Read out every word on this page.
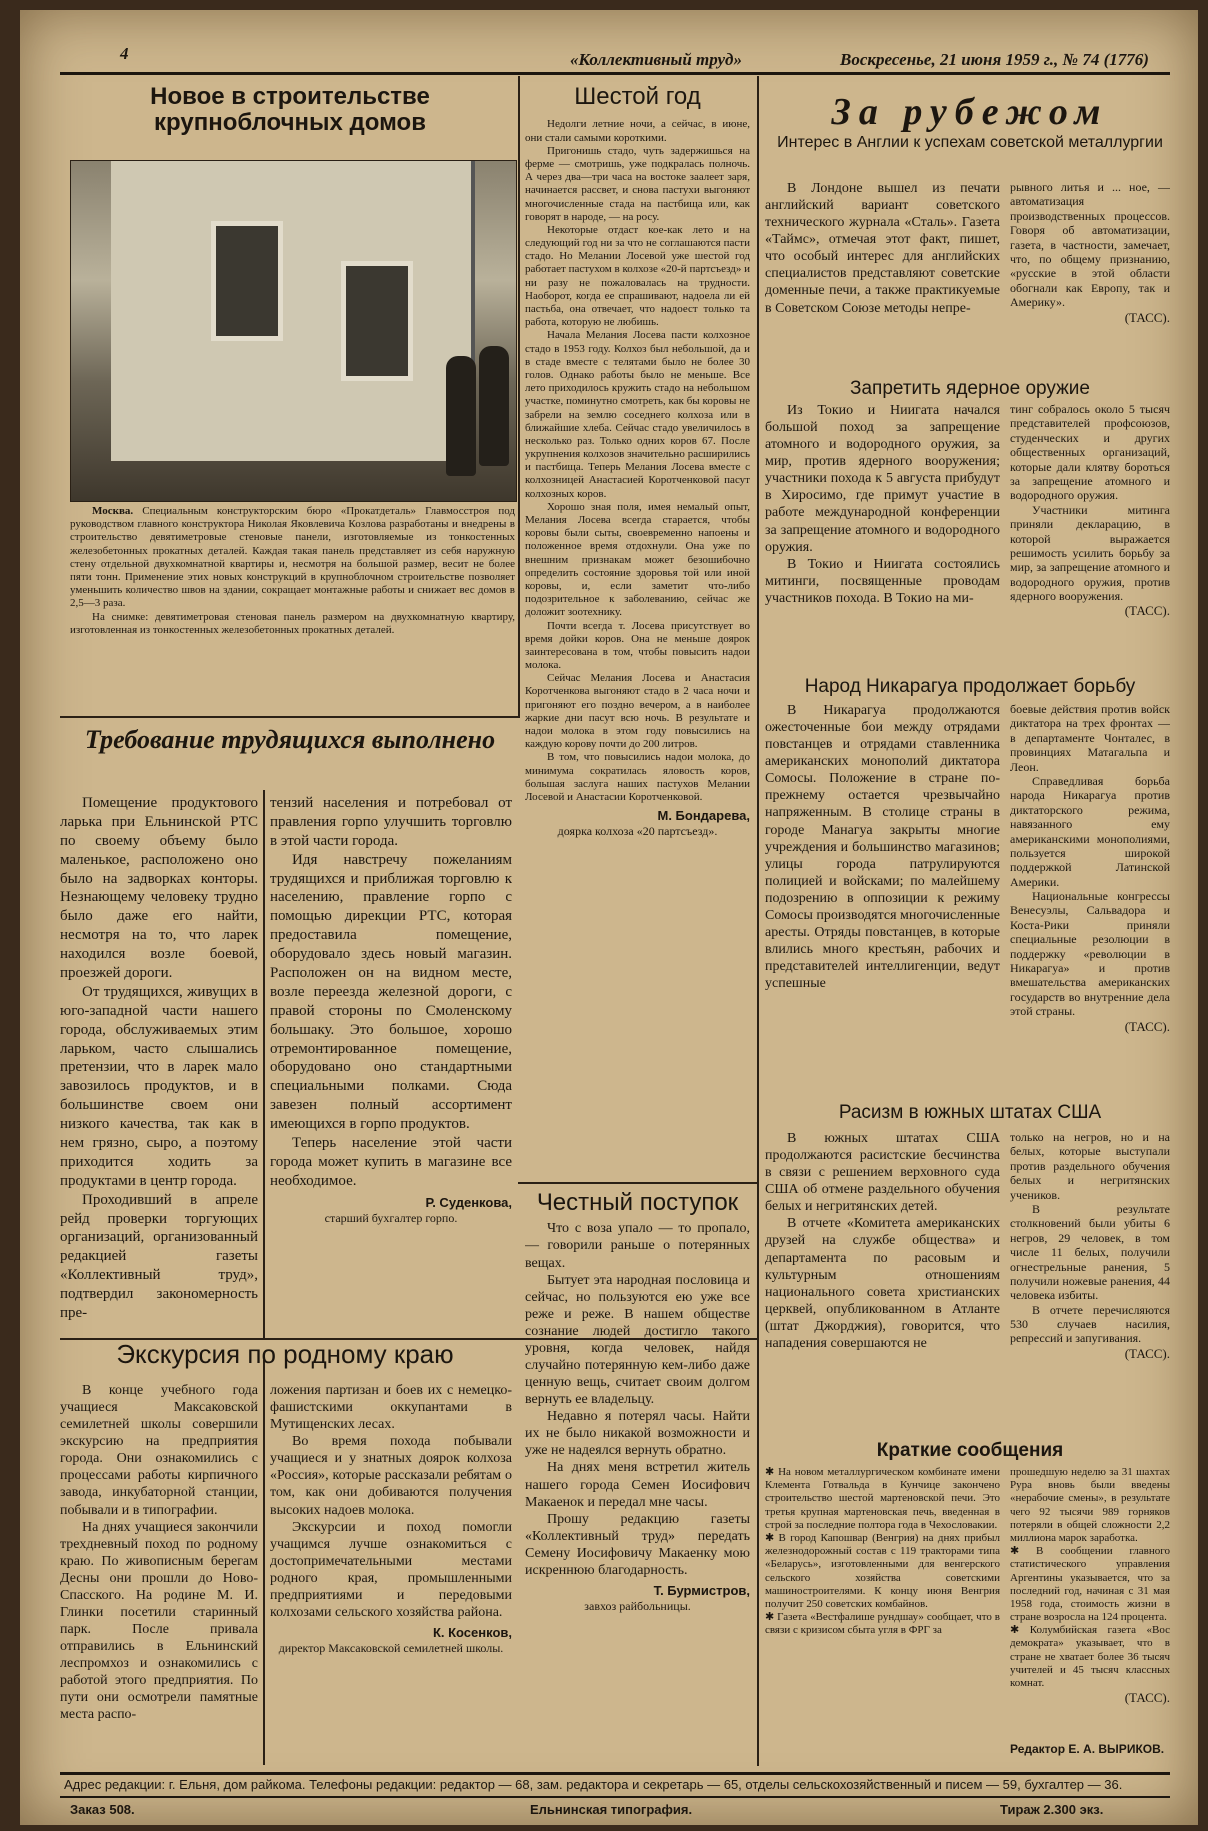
4	«Коллективный труд»	Воскресенье, 21 июня 1959 г., № 74 (1776)
Новое в строительстве крупноблочных домов

Москва. Специальным конструкторским бюро «Прокатдеталь» Главмосстроя под руководством главного конструктора Николая Яковлевича Козлова разработаны и внедрены в строительство девятиметровые стеновые панели, изготовляемые из тонкостенных железобетонных прокатных деталей. Каждая такая панель представляет из себя наружную стену отдельной двухкомнатной квартиры и, несмотря на большой размер, весит не более пяти тонн. Применение этих новых конструкций в крупноблочном строительстве позволяет уменьшить количество швов на здании, сокращает монтажные работы и снижает вес домов в 2,5—3 раза.

На снимке: девятиметровая стеновая панель размером на двухкомнатную квартиру, изготовленная из тонкостенных железобетонных прокатных деталей.

Шестой год

Недолги летние ночи, а сейчас, в июне, они стали самыми короткими.

Пригонишь стадо, чуть задержишься на ферме — смотришь, уже подкралась полночь. А через два—три часа на востоке заалеет заря, начинается рассвет, и снова пастухи выгоняют многочисленные стада на пастбища или, как говорят в народе, — на росу.

Некоторые отдаст кое-как лето и на следующий год ни за что не соглашаются пасти стадо. Но Мелании Лосевой уже шестой год работает пастухом в колхозе «20-й партсъезд» и ни разу не пожаловалась на трудности. Наоборот, когда ее спрашивают, надоела ли ей пастьба, она отвечает, что надоест только та работа, которую не любишь.

Начала Мелания Лосева пасти колхозное стадо в 1953 году. Колхоз был небольшой, да и в стаде вместе с телятами было не более 30 голов. Однако работы было не меньше. Все лето приходилось кружить стадо на небольшом участке, поминутно смотреть, как бы коровы не забрели на землю соседнего колхоза или в ближайшие хлеба. Сейчас стадо увеличилось в несколько раз. Только одних коров 67. После укрупнения колхозов значительно расширились и пастбища. Теперь Мелания Лосева вместе с колхозницей Анастасией Коротченковой пасут колхозных коров.

Хорошо зная поля, имея немалый опыт, Мелания Лосева всегда старается, чтобы коровы были сыты, своевременно напоены и положенное время отдохнули. Она уже по внешним признакам может безошибочно определить состояние здоровья той или иной коровы, и, если заметит что-либо подозрительное к заболеванию, сейчас же доложит зоотехнику.

Почти всегда т. Лосева присутствует во время дойки коров. Она не меньше доярок заинтересована в том, чтобы повысить надои молока.

Сейчас Мелания Лосева и Анастасия Коротченкова выгоняют стадо в 2 часа ночи и пригоняют его поздно вечером, а в наиболее жаркие дни пасут всю ночь. В результате и надои молока в этом году повысились на каждую корову почти до 200 литров.

В том, что повысились надои молока, до минимума сократилась яловость коров, большая заслуга наших пастухов Мелании Лосевой и Анастасии Коротченковой.

М. Бондарева,
доярка колхоза «20 партсъезд».
Честный поступок

Что с воза упало — то пропало, — говорили раньше о потерянных вещах.

Бытует эта народная пословица и сейчас, но пользуются ею уже все реже и реже. В нашем обществе сознание людей достигло такого уровня, когда человек, найдя случайно потерянную кем-либо даже ценную вещь, считает своим долгом вернуть ее владельцу.

Недавно я потерял часы. Найти их не было никакой возможности и уже не надеялся вернуть обратно.

На днях меня встретил житель нашего города Семен Иосифович Макаенок и передал мне часы.

Прошу редакцию газеты «Коллективный труд» передать Семену Иосифовичу Макаенку мою искреннюю благодарность.

Т. Бурмистров,
завхоз райбольницы.
Требование трудящихся выполнено

Помещение продуктового ларька при Ельнинской РТС по своему объему было маленькое, расположено оно было на задворках конторы. Незнающему человеку трудно было даже его найти, несмотря на то, что ларек находился возле боевой, проезжей дороги.

От трудящихся, живущих в юго-западной части нашего города, обслуживаемых этим ларьком, часто слышались претензии, что в ларек мало завозилось продуктов, и в большинстве своем они низкого качества, так как в нем грязно, сыро, а поэтому приходится ходить за продуктами в центр города.

Проходивший в апреле рейд проверки торгующих организаций, организованный редакцией газеты «Коллективный труд», подтвердил закономерность пре-

тензий населения и потребовал от правления горпо улучшить торговлю в этой части города.

Идя навстречу пожеланиям трудящихся и приближая торговлю к населению, правление горпо с помощью дирекции РТС, которая предоставила помещение, оборудовало здесь новый магазин. Расположен он на видном месте, возле переезда железной дороги, с правой стороны по Смоленскому большаку. Это большое, хорошо отремонтированное помещение, оборудовано оно стандартными специальными полками. Сюда завезен полный ассортимент имеющихся в горпо продуктов.

Теперь население этой части города может купить в магазине все необходимое.

Р. Суденкова,
старший бухгалтер горпо.
Экскурсия по родному краю

В конце учебного года учащиеся Максаковской семилетней школы совершили экскурсию на предприятия города. Они ознакомились с процессами работы кирпичного завода, инкубаторной станции, побывали и в типографии.

На днях учащиеся закончили трехдневный поход по родному краю. По живописным берегам Десны они прошли до Ново-Спасского. На родине М. И. Глинки посетили старинный парк. После привала отправились в Ельнинский леспромхоз и ознакомились с работой этого предприятия. По пути они осмотрели памятные места распо-

ложения партизан и боев их с немецко-фашистскими оккупантами в Мутищенских лесах.

Во время похода побывали учащиеся и у знатных доярок колхоза «Россия», которые рассказали ребятам о том, как они добиваются получения высоких надоев молока.

Экскурсии и поход помогли учащимся лучше ознакомиться с достопримечательными местами родного края, промышленными предприятиями и передовыми колхозами сельского хозяйства района.

К. Косенков,
директор Максаковской семилетней школы.
За рубежом
Интерес в Англии к успехам советской металлургии

В Лондоне вышел из печати английский вариант советского технического журнала «Сталь». Газета «Таймс», отмечая этот факт, пишет, что особый интерес для английских специалистов представляют советские доменные печи, а также практикуемые в Советском Союзе методы непре-

рывного литья и ... ное, — автоматизация производственных процессов. Говоря об автоматизации, газета, в частности, замечает, что, по общему признанию, «русские в этой области обогнали как Европу, так и Америку».

(ТАСС).
Запретить ядерное оружие

Из Токио и Ниигата начался большой поход за запрещение атомного и водородного оружия, за мир, против ядерного вооружения; участники похода к 5 августа прибудут в Хиросимо, где примут участие в работе международной конференции за запрещение атомного и водородного оружия.

В Токио и Ниигата состоялись митинги, посвященные проводам участников похода. В Токио на ми-

тинг собралось около 5 тысяч представителей профсоюзов, студенческих и других общественных организаций, которые дали клятву бороться за запрещение атомного и водородного оружия.

Участники митинга приняли декларацию, в которой выражается решимость усилить борьбу за мир, за запрещение атомного и водородного оружия, против ядерного вооружения.

(ТАСС).
Народ Никарагуа продолжает борьбу

В Никарагуа продолжаются ожесточенные бои между отрядами повстанцев и отрядами ставленника американских монополий диктатора Сомосы. Положение в стране по-прежнему остается чрезвычайно напряженным. В столице страны в городе Манагуа закрыты многие учреждения и большинство магазинов; улицы города патрулируются полицией и войсками; по малейшему подозрению в оппозиции к режиму Сомосы производятся многочисленные аресты. Отряды повстанцев, в которые влились много крестьян, рабочих и представителей интеллигенции, ведут успешные

боевые действия против войск диктатора на трех фронтах — в департаменте Чонталес, в провинциях Матагальпа и Леон.

Справедливая борьба народа Никарагуа против диктаторского режима, навязанного ему американскими монополиями, пользуется широкой поддержкой Латинской Америки.

Национальные конгрессы Венесуэлы, Сальвадора и Коста-Рики приняли специальные резолюции в поддержку «революции в Никарагуа» и против вмешательства американских государств во внутренние дела этой страны.

(ТАСС).
Расизм в южных штатах США

В южных штатах США продолжаются расистские бесчинства в связи с решением верховного суда США об отмене раздельного обучения белых и негритянских детей.

В отчете «Комитета американских друзей на службе общества» и департамента по расовым и культурным отношениям национального совета христианских церквей, опубликованном в Атланте (штат Джорджия), говорится, что нападения совершаются не

только на негров, но и на белых, которые выступали против раздельного обучения белых и негритянских учеников.

В результате столкновений были убиты 6 негров, 29 человек, в том числе 11 белых, получили огнестрельные ранения, 5 получили ножевые ранения, 44 человека избиты.

В отчете перечисляются 530 случаев насилия, репрессий и запугивания.

(ТАСС).
Краткие сообщения

✱ На новом металлургическом комбинате имени Клемента Готвальда в Кунчице закончено строительство шестой мартеновской печи. Это третья крупная мартеновская печь, введенная в строй за последние полтора года в Чехословакии.

✱ В город Капошвар (Венгрия) на днях прибыл железнодорожный состав с 119 тракторами типа «Беларусь», изготовленными для венгерского сельского хозяйства советскими машиностроителями. К концу июня Венгрия получит 250 советских комбайнов.

✱ Газета «Вестфалише рундшау» сообщает, что в связи с кризисом сбыта угля в ФРГ за

прошедшую неделю за 31 шахтах Рура вновь были введены «нерабочие смены», в результате чего 92 тысячи 989 горняков потеряли в общей сложности 2,2 миллиона марок заработка.

✱ В сообщении главного статистического управления Аргентины указывается, что за последний год, начиная с 31 мая 1958 года, стоимость жизни в стране возросла на 124 процента.

✱ Колумбийская газета «Вос демократа» указывает, что в стране не хватает более 36 тысяч учителей и 45 тысяч классных комнат.

(ТАСС).
Редактор Е. А. ВЫРИКОВ.
Адрес редакции: г. Ельня, дом райкома. Телефоны редакции: редактор — 68, зам. редактора и секретарь — 65, отделы сельскохозяйственный и писем — 59, бухгалтер — 36.
Заказ 508.	Ельнинская типография.	Тираж 2.300 экз.
